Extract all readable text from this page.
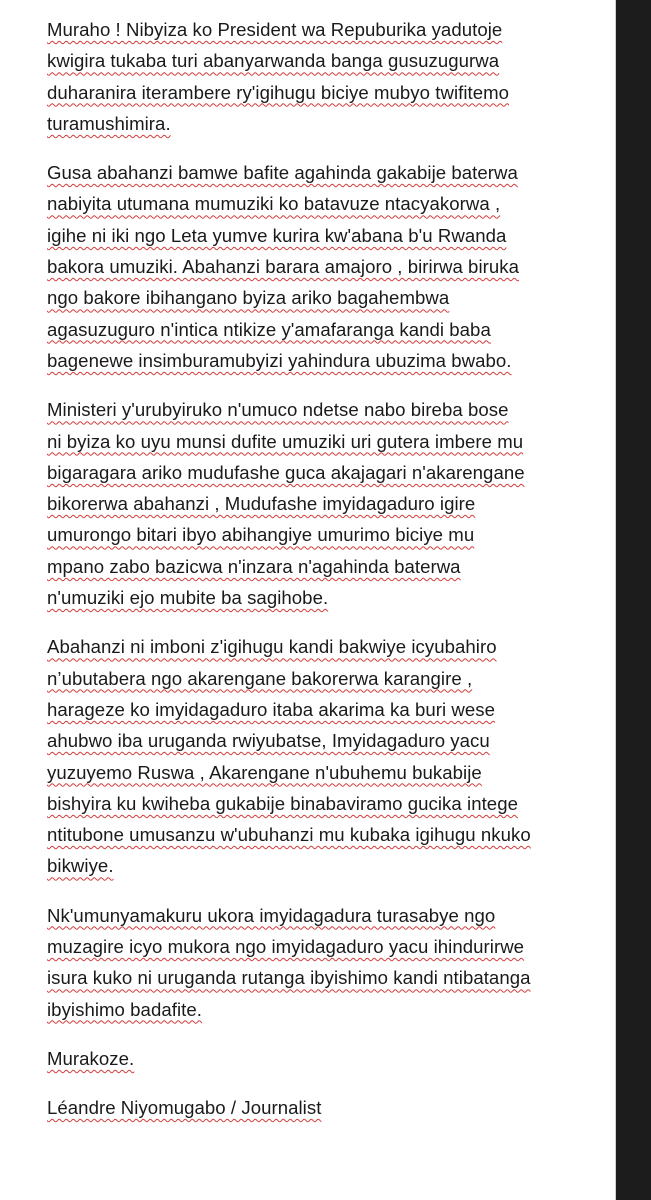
Muraho ! Nibyiza ko President wa Repuburika yadutoje
kwigira tukaba turi abanyarwanda banga gusuzugurwa
duharanira iterambere ry'igihugu biciye mubyo twifitemo
turamushimira.
Gusa abahanzi bamwe bafite agahinda gakabije baterwa
nabiyita utumana mumuziki ko batavuze ntacyakorwa ,
igihe ni iki ngo Leta yumve kurira kw'abana b'u Rwanda
bakora umuziki. Abahanzi barara amajoro , birirwa biruka
ngo bakore ibihangano byiza ariko bagahembwa
agasuzuguro n'intica ntikize y'amafaranga kandi baba
bagenewe insimburamubyizi yahindura ubuzima bwabo.
Ministeri y'urubyiruko n'umuco ndetse nabo bireba bose
ni byiza ko uyu munsi dufite umuziki uri gutera imbere mu
bigaragara ariko mudufashe guca akajagari n'akarengane
bikorerwa abahanzi , Mudufashe imyidagaduro igire
umurongo bitari ibyo abihangiye umurimo biciye mu
mpano zabo bazicwa n'inzara n'agahinda baterwa
n'umuziki ejo mubite ba sagihobe.
Abahanzi ni imboni z'igihugu kandi bakwiye icyubahiro
n’ubutabera ngo akarengane bakorerwa karangire ,
harageze ko imyidagaduro itaba akarima ka buri wese
ahubwo iba uruganda rwiyubatse, Imyidagaduro yacu
yuzuyemo Ruswa , Akarengane n'ubuhemu bukabije
bishyira ku kwiheba gukabije binabaviramo gucika intege
ntitubone umusanzu w'ubuhanzi mu kubaka igihugu nkuko
bikwiye.
Nk'umunyamakuru ukora imyidagadura turasabye ngo
muzagire icyo mukora ngo imyidagaduro yacu ihindurirwe
isura kuko ni uruganda rutanga ibyishimo kandi ntibatanga
ibyishimo badafite.
Murakoze.
Léandre Niyomugabo / Journalist
